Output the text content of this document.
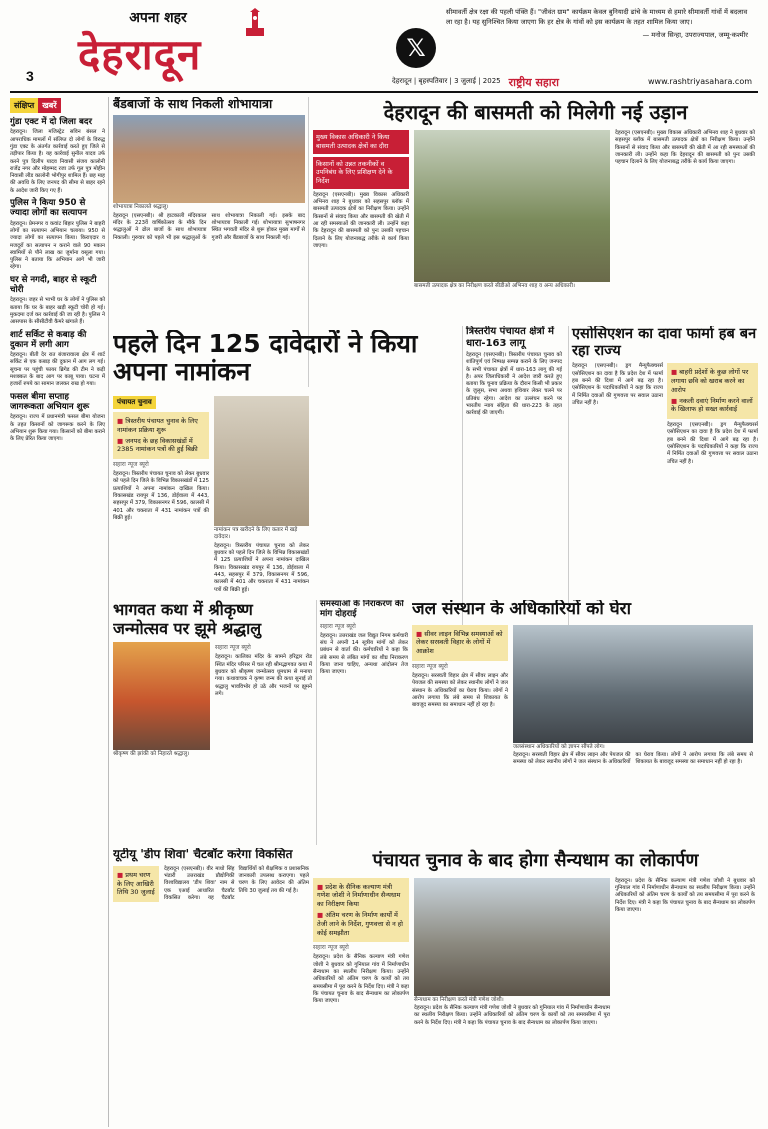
3
अपना शहर
देहरादून	𝕏
सीमावर्ती क्षेत्र रक्षा की पहली पंक्ति हैं। "जीवंत ग्राम" कार्यक्रम केवल बुनियादी ढांचे के माध्यम से हमारे सीमावर्ती गांवों में बदलाव ला रहा है। यह सुनिश्चित किया जाएगा कि हर क्षेत्र के गांवों को इस कार्यक्रम के तहत शामिल किया जाए।
— मनोज सिन्हा, उपराज्यपाल, जम्मू-कश्मीर
देहरादून | बृहस्पतिवार | 3 जुलाई | 2025 राष्ट्रीय सहारा	www.rashtriyasahara.com
संक्षिप्त	खबरें
गुंडा एक्ट में दो जिला बदर
देहरादून। जिला मजिस्ट्रेट सविन बंसल ने आपराधिक मामलों में संलिप्त दो लोगों के विरुद्ध गुंडा एक्ट के अंतर्गत कार्रवाई करते हुए जिले से तड़ीपार किया है। यह कार्रवाई सुनील यादव उर्फ करने पुत्र दिलीप यादव निवासी संजय कालोनी राजेंद्र नगर और मोहम्मद रजा उर्फ गूल पुत्र मोहीन निवासी लीड कालोनी भोगीपुर शामिल हैं। छह माह की अवधि के लिए जनपद की सीमा से बाहर रहने के आदेश जारी किए गए हैं।
पुलिस ने किया 950 से ज्यादा लोगों का सत्यापन
देहरादून। प्रेमनगर व कवांट बिहार पुलिस ने बाहरी लोगों का सत्यापन अभियान चलाया। 950 से ज्यादा लोगों का सत्यापन किया। किराएदार व मजदूरों का सत्यापन न कराने वाले 90 मकान स्वामियों से पौने लाख का जुर्माना वसूला गया। पुलिस ने बताया कि अभियान आगे भी जारी रहेगा।
घर से नगदी, बाहर से स्कूटी चोरी
देहरादून। जहर से भाभी घर के लोगों ने पुलिस को बताया कि घर के बाहर खड़ी स्कूटी चोरी हो गई। मुकदमा दर्ज कर कार्रवाई की जा रही है। पुलिस ने आसपास के सीसीटीवी कैमरे खंगाले हैं।
शार्ट सर्किट से कबाड़ की दुकान में लगी आग
देहरादून। बीती देर रात बंजारावाला क्षेत्र में शार्ट सर्किट से एक कबाड़ की दुकान में आग लग गई। सूचना पर पहुंची फायर ब्रिगेड की टीम ने कड़ी मशक्कत के बाद आग पर काबू पाया। घटना में हजारों रुपये का सामान जलकर राख हो गया।
फसल बीमा सप्ताह जागरूकता अभियान शुरू
देहरादून। राज्य में प्रधानमंत्री फसल बीमा योजना के तहत किसानों को जागरूक करने के लिए अभियान शुरू किया गया। किसानों को बीमा कराने के लिए प्रेरित किया जाएगा।
बैंडबाजों के साथ निकली शोभायात्रा
शोभायात्रा निकालते श्रद्धालु।
देहरादून (एसएनबी)। श्री हाटकाली मंदिरकाल मंदिर के 223वें वार्षिकोत्सव के मौके दिन श्रद्धालुओं ने ढोल बाजों के साथ शोभायात्रा निकाली। गुरुवार को पहले भी इस श्रद्धालुओं के साथ शोभायात्रा निकाली गई। इसके बाद शोभायात्रा निकाली गई। शोभायात्रा सुभाषनगर स्थित भगवती मंदिर से शुरू होकर मुख्य मार्गों से गुजरी और बैंडबाजों के साथ निकाली गई।
देहरादून की बासमती को मिलेगी नई उड़ान
मुख्य विकास अधिकारी ने किया बासमती उत्पादक क्षेत्रों का दौरा
किसानों को उन्नत तकनीकों व उपनिबंध के लिए प्रशिक्षण देने के निर्देश
देहरादून (एसएनबी)। मुख्य विकास अधिकारी अभिनव शाह ने बुधवार को सहसपुर ब्लॉक में बासमती उत्पादक क्षेत्रों का निरीक्षण किया। उन्होंने किसानों से संवाद किया और बासमती की खेती में आ रही समस्याओं की जानकारी ली। उन्होंने कहा कि देहरादून की बासमती को पुनः उसकी पहचान दिलाने के लिए योजनाबद्ध तरीके से कार्य किया जाएगा।
बासमती उत्पादक क्षेत्र का निरीक्षण करते सीडीओ अभिनव शाह व अन्य अधिकारी।
देहरादून (एसएनबी)। मुख्य विकास अधिकारी अभिनव शाह ने बुधवार को सहसपुर ब्लॉक में बासमती उत्पादक क्षेत्रों का निरीक्षण किया। उन्होंने किसानों से संवाद किया और बासमती की खेती में आ रही समस्याओं की जानकारी ली। उन्होंने कहा कि देहरादून की बासमती को पुनः उसकी पहचान दिलाने के लिए योजनाबद्ध तरीके से कार्य किया जाएगा।
पहले दिन 125 दावेदारों ने किया अपना नामांकन
पंचायत चुनाव
■ त्रिस्तरीय पंचायत चुनाव के लिए नामांकन प्रक्रिया शुरू
■ जनपद के छह विकासखंडों में 2385 नामांकन पत्रों की हुई बिक्री
सहारा न्यूज ब्यूरो
देहरादून। त्रिस्तरीय पंचायत चुनाव को लेकर बुधवार को पहले दिन जिले के विभिन्न विकासखंडों में 125 प्रत्याशियों ने अपना नामांकन दाखिल किया। विकासखंड रायपुर में 136, डोईवाला में 443, सहसपुर में 379, विकासनगर में 596, कालसी में 401 और चकराता में 431 नामांकन पत्रों की बिक्री हुई।
नामांकन पत्र खरीदने के लिए कतार में खड़े दावेदार।
देहरादून। त्रिस्तरीय पंचायत चुनाव को लेकर बुधवार को पहले दिन जिले के विभिन्न विकासखंडों में 125 प्रत्याशियों ने अपना नामांकन दाखिल किया। विकासखंड रायपुर में 136, डोईवाला में 443, सहसपुर में 379, विकासनगर में 596, कालसी में 401 और चकराता में 431 नामांकन पत्रों की बिक्री हुई।
त्रिस्तरीय पंचायत क्षेत्रों में धारा-163 लागू
देहरादून (एसएनबी)। त्रिस्तरीय पंचायत चुनाव को शांतिपूर्ण एवं निष्पक्ष सम्पन्न कराने के लिए जनपद के सभी पंचायत क्षेत्रों में धारा-163 लागू की गई है। अपर जिलाधिकारी ने आदेश जारी करते हुए बताया कि चुनाव प्रक्रिया के दौरान किसी भी प्रकार के जुलूस, सभा अथवा हथियार लेकर चलने पर प्रतिबंध रहेगा। आदेश का उल्लंघन करने पर भारतीय न्याय संहिता की धारा-223 के तहत कार्रवाई की जाएगी।
एसोसिएशन का दावा फार्मा हब बन रहा राज्य
देहरादून (एसएनबी)। ड्रग मैन्युफैक्चरर्स एसोसिएशन का दावा है कि प्रदेश देश में फार्मा हब बनने की दिशा में आगे बढ़ रहा है। एसोसिएशन के पदाधिकारियों ने कहा कि राज्य में निर्मित दवाओं की गुणवत्ता पर सवाल उठाना उचित नहीं है।
■ बाहरी प्रदेशों के कुछ लोगों पर लगाया छवि को खराब करने का आरोप
■ नकली दवाएं निर्माण करने वालों के खिलाफ हो सख्त कार्रवाई
देहरादून (एसएनबी)। ड्रग मैन्युफैक्चरर्स एसोसिएशन का दावा है कि प्रदेश देश में फार्मा हब बनने की दिशा में आगे बढ़ रहा है। एसोसिएशन के पदाधिकारियों ने कहा कि राज्य में निर्मित दवाओं की गुणवत्ता पर सवाल उठाना उचित नहीं है।
भागवत कथा में श्रीकृष्ण जन्मोत्सव पर झूमे श्रद्धालु
श्रीकृष्ण की झांकी को निहारते श्रद्धालु।
सहारा न्यूज ब्यूरो
देहरादून। कालिका मंदिर के सामने हरिद्वार रोड स्थित मंदिर परिसर में चल रही श्रीमद्भागवत कथा में बुधवार को श्रीकृष्ण जन्मोत्सव धूमधाम से मनाया गया। कथावाचक ने कृष्ण जन्म की कथा सुनाई तो श्रद्धालु भावविभोर हो उठे और भजनों पर झूमने लगे।
समस्याओं के निराकरण की मांग दोहराई
सहारा न्यूज ब्यूरो
देहरादून। उत्तराखंड जल विद्युत निगम कर्मचारी संघ ने अपनी 14 सूत्रीय मांगों को लेकर प्रबंधन से वार्ता की। कर्मचारियों ने कहा कि लंबे समय से लंबित मांगों का शीघ्र निराकरण किया जाना चाहिए, अन्यथा आंदोलन तेज किया जाएगा।
जल संस्थान के अधिकारियों को घेरा
■ सीवर लाइन विभिन्न समस्याओं को लेकर सरस्वती विहार के लोगों में आक्रोश
सहारा न्यूज ब्यूरो
देहरादून। सरस्वती विहार क्षेत्र में सीवर लाइन और पेयजल की समस्या को लेकर स्थानीय लोगों ने जल संस्थान के अधिकारियों का घेराव किया। लोगों ने आरोप लगाया कि लंबे समय से शिकायत के बावजूद समस्या का समाधान नहीं हो रहा है।
जलसंस्थान अधिकारियों को ज्ञापन सौंपते लोग।
देहरादून। सरस्वती विहार क्षेत्र में सीवर लाइन और पेयजल की समस्या को लेकर स्थानीय लोगों ने जल संस्थान के अधिकारियों का घेराव किया। लोगों ने आरोप लगाया कि लंबे समय से शिकायत के बावजूद समस्या का समाधान नहीं हो रहा है।
यूटीयू 'डीप शिवा' चैटबॉट करेगा विकसित
■ प्रथम चरण के लिए आखिरी तिथि 30 जुलाई
देहरादून (एसएनबी)। वीर माधो सिंह भंडारी उत्तराखंड प्रौद्योगिकी विश्वविद्यालय 'डीप शिवा' नाम से एक एआई आधारित चैटबॉट विकसित करेगा। यह चैटबॉट विद्यार्थियों को शैक्षणिक व प्रशासनिक जानकारी उपलब्ध कराएगा। पहले चरण के लिए आवेदन की अंतिम तिथि 30 जुलाई तय की गई है।
पंचायत चुनाव के बाद होगा सैन्यधाम का लोकार्पण
■ प्रदेश के सैनिक कल्याण मंत्री गणेश जोशी ने निर्माणाधीन सैन्यधाम का निरीक्षण किया
■ अंतिम चरण के निर्माण कार्यों में तेजी लाने के निर्देश, गुणवत्ता से न हो कोई समझौता
सहारा न्यूज ब्यूरो
देहरादून। प्रदेश के सैनिक कल्याण मंत्री गणेश जोशी ने बुधवार को गुनियाल गांव में निर्माणाधीन सैन्यधाम का स्थलीय निरीक्षण किया। उन्होंने अधिकारियों को अंतिम चरण के कार्यों को तय समयसीमा में पूरा करने के निर्देश दिए। मंत्री ने कहा कि पंचायत चुनाव के बाद सैन्यधाम का लोकार्पण किया जाएगा।	सैन्यधाम का निरीक्षण करते मंत्री गणेश जोशी।
देहरादून। प्रदेश के सैनिक कल्याण मंत्री गणेश जोशी ने बुधवार को गुनियाल गांव में निर्माणाधीन सैन्यधाम का स्थलीय निरीक्षण किया। उन्होंने अधिकारियों को अंतिम चरण के कार्यों को तय समयसीमा में पूरा करने के निर्देश दिए। मंत्री ने कहा कि पंचायत चुनाव के बाद सैन्यधाम का लोकार्पण किया जाएगा।
देहरादून। प्रदेश के सैनिक कल्याण मंत्री गणेश जोशी ने बुधवार को गुनियाल गांव में निर्माणाधीन सैन्यधाम का स्थलीय निरीक्षण किया। उन्होंने अधिकारियों को अंतिम चरण के कार्यों को तय समयसीमा में पूरा करने के निर्देश दिए। मंत्री ने कहा कि पंचायत चुनाव के बाद सैन्यधाम का लोकार्पण किया जाएगा।
